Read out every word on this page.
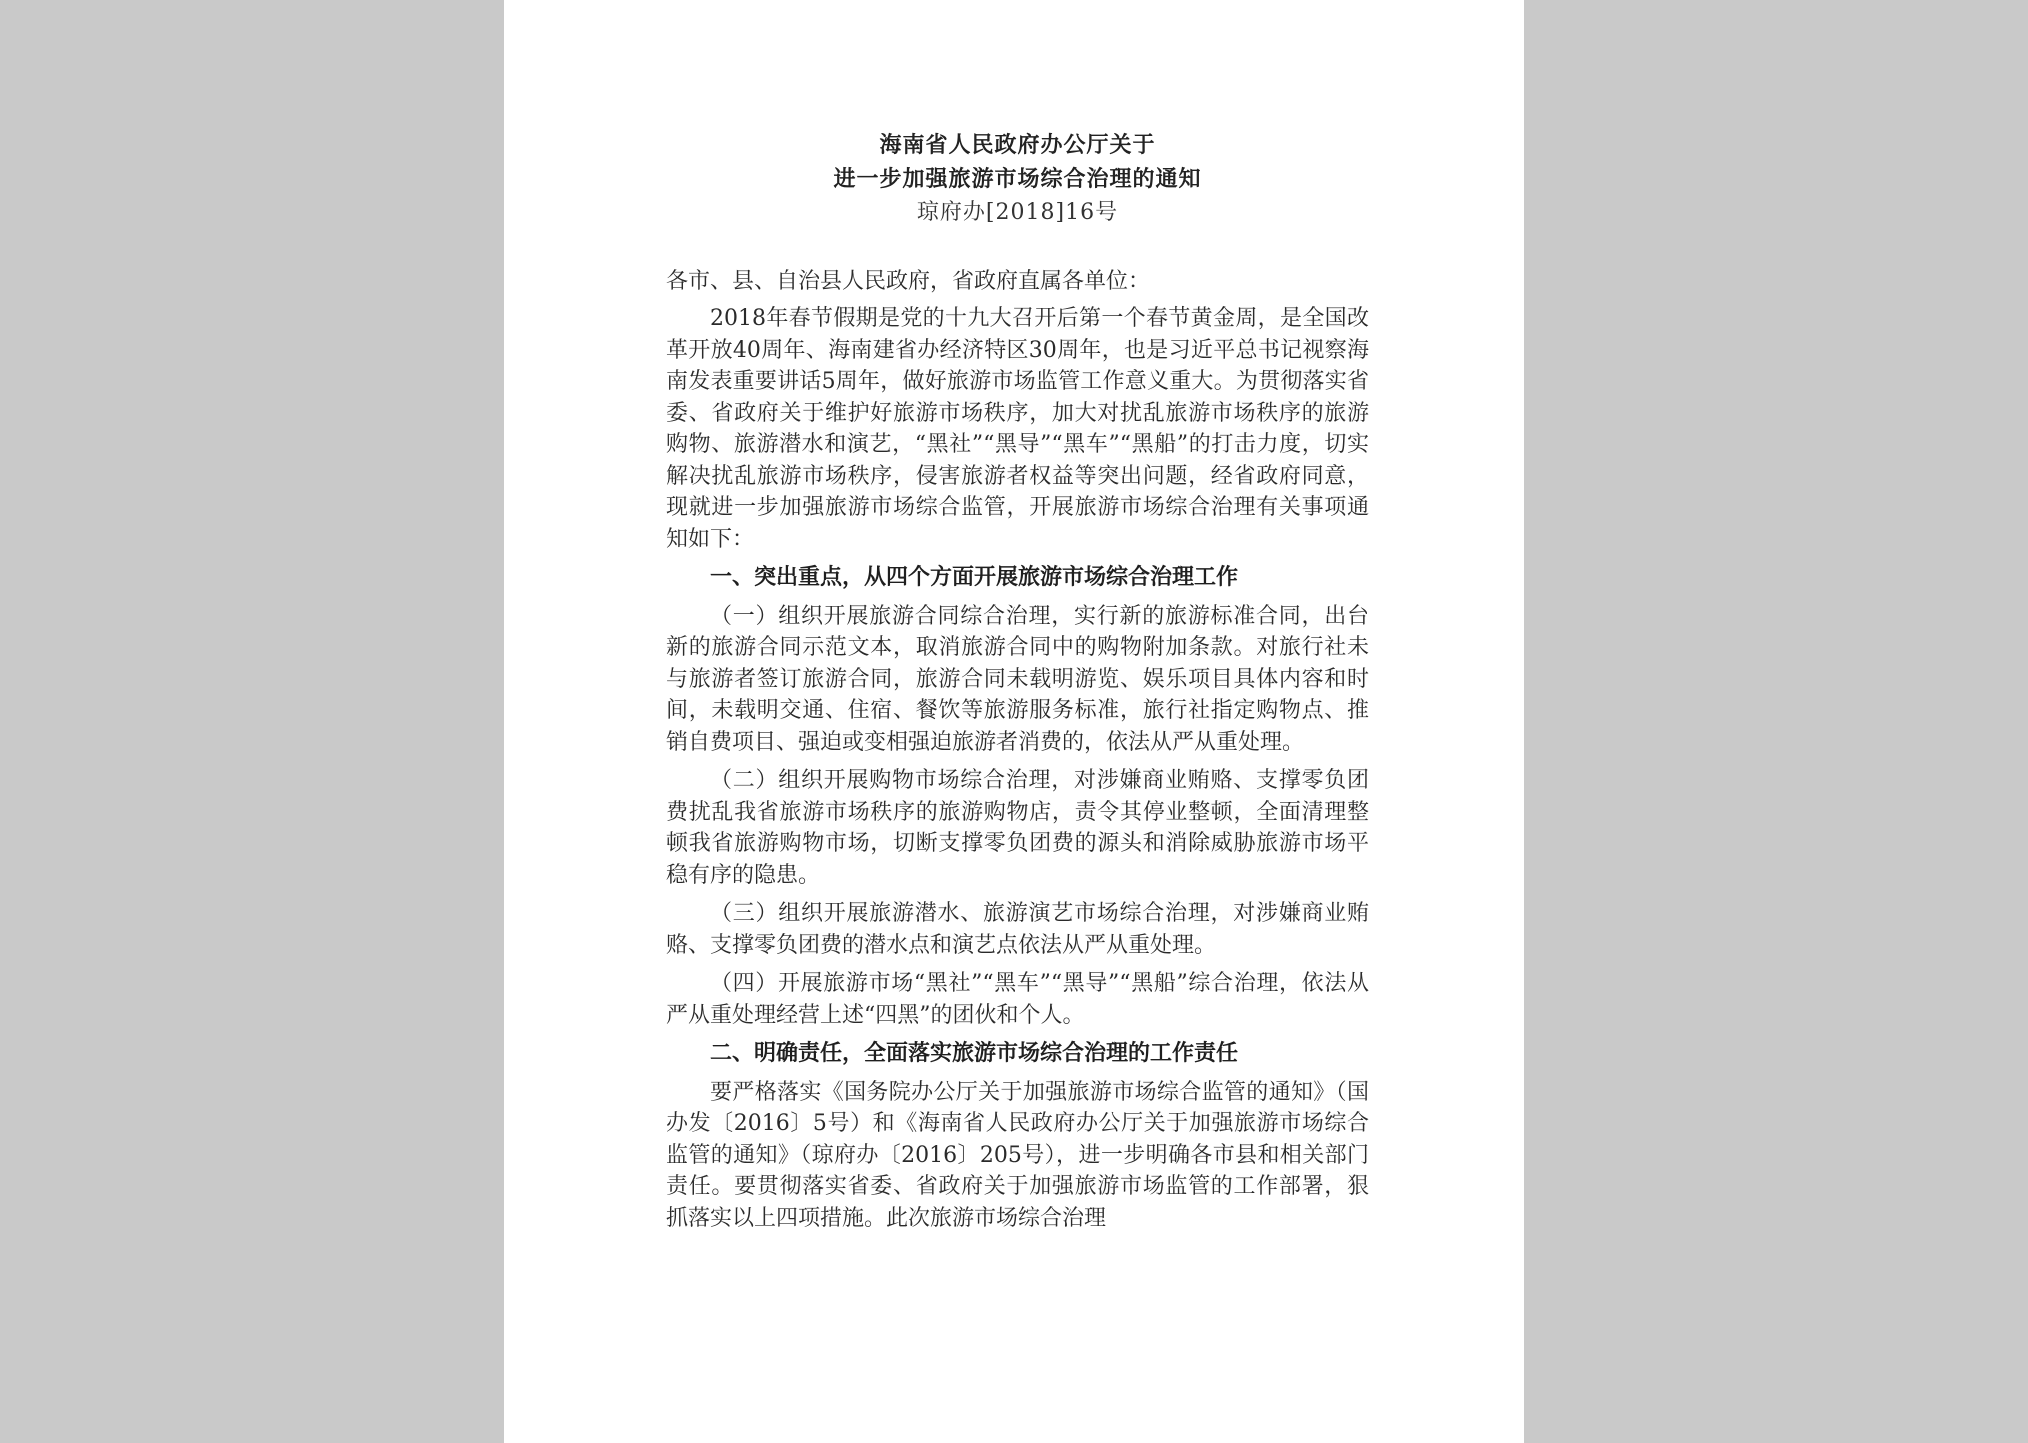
海南省人民政府办公厅关于
进一步加强旅游市场综合治理的通知
琼府办[2018]16号

各市、县、自治县人民政府，省政府直属各单位：

2018年春节假期是党的十九大召开后第一个春节黄金周，是全国改革开放40周年、海南建省办经济特区30周年，也是习近平总书记视察海南发表重要讲话5周年，做好旅游市场监管工作意义重大。为贯彻落实省委、省政府关于维护好旅游市场秩序，加大对扰乱旅游市场秩序的旅游购物、旅游潜水和演艺，“黑社”“黑导”“黑车”“黑船”的打击力度，切实解决扰乱旅游市场秩序，侵害旅游者权益等突出问题，经省政府同意，现就进一步加强旅游市场综合监管，开展旅游市场综合治理有关事项通知如下：

一、突出重点，从四个方面开展旅游市场综合治理工作

（一）组织开展旅游合同综合治理，实行新的旅游标准合同，出台新的旅游合同示范文本，取消旅游合同中的购物附加条款。对旅行社未与旅游者签订旅游合同，旅游合同未载明游览、娱乐项目具体内容和时间，未载明交通、住宿、餐饮等旅游服务标准，旅行社指定购物点、推销自费项目、强迫或变相强迫旅游者消费的，依法从严从重处理。

（二）组织开展购物市场综合治理，对涉嫌商业贿赂、支撑零负团费扰乱我省旅游市场秩序的旅游购物店，责令其停业整顿，全面清理整顿我省旅游购物市场，切断支撑零负团费的源头和消除威胁旅游市场平稳有序的隐患。

（三）组织开展旅游潜水、旅游演艺市场综合治理，对涉嫌商业贿赂、支撑零负团费的潜水点和演艺点依法从严从重处理。

（四）开展旅游市场“黑社”“黑车”“黑导”“黑船”综合治理，依法从严从重处理经营上述“四黑”的团伙和个人。

二、明确责任，全面落实旅游市场综合治理的工作责任

要严格落实《国务院办公厅关于加强旅游市场综合监管的通知》（国办发〔2016〕5号）和《海南省人民政府办公厅关于加强旅游市场综合监管的通知》（琼府办〔2016〕205号），进一步明确各市县和相关部门责任。要贯彻落实省委、省政府关于加强旅游市场监管的工作部署，狠抓落实以上四项措施。此次旅游市场综合治理
